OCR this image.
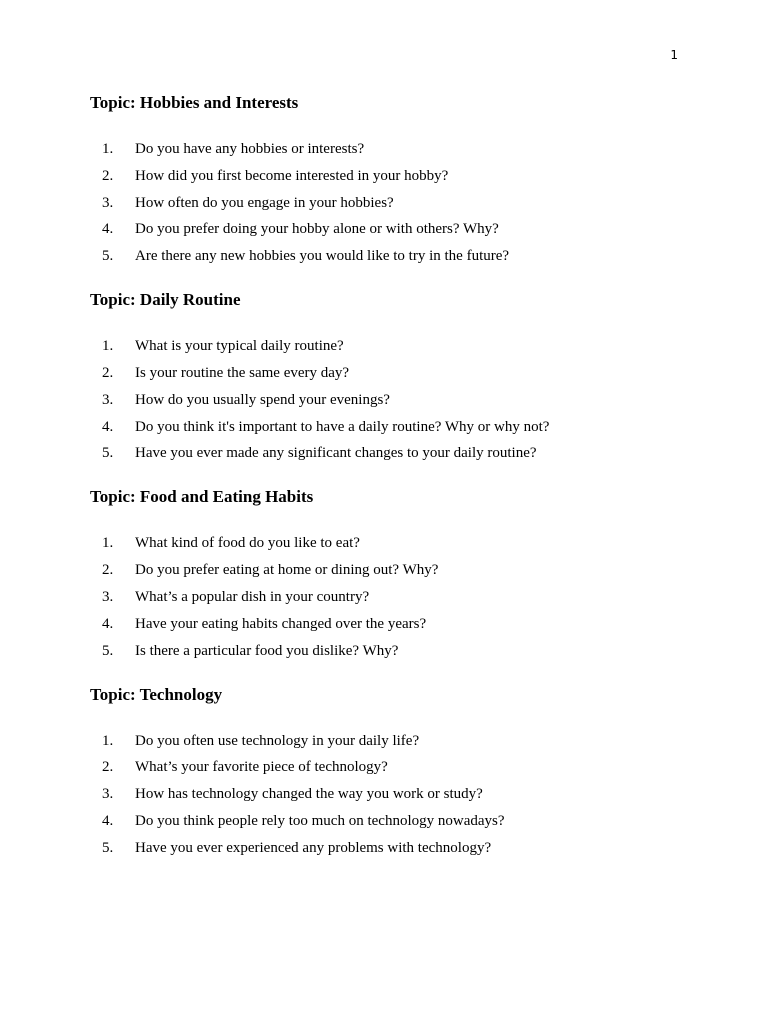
1
Topic: Hobbies and Interests
1.	Do you have any hobbies or interests?
2.	How did you first become interested in your hobby?
3.	How often do you engage in your hobbies?
4.	Do you prefer doing your hobby alone or with others? Why?
5.	Are there any new hobbies you would like to try in the future?
Topic: Daily Routine
1.	What is your typical daily routine?
2.	Is your routine the same every day?
3.	How do you usually spend your evenings?
4.	Do you think it's important to have a daily routine? Why or why not?
5.	Have you ever made any significant changes to your daily routine?
Topic: Food and Eating Habits
1.	What kind of food do you like to eat?
2.	Do you prefer eating at home or dining out? Why?
3.	What’s a popular dish in your country?
4.	Have your eating habits changed over the years?
5.	Is there a particular food you dislike? Why?
Topic: Technology
1.	Do you often use technology in your daily life?
2.	What’s your favorite piece of technology?
3.	How has technology changed the way you work or study?
4.	Do you think people rely too much on technology nowadays?
5.	Have you ever experienced any problems with technology?
